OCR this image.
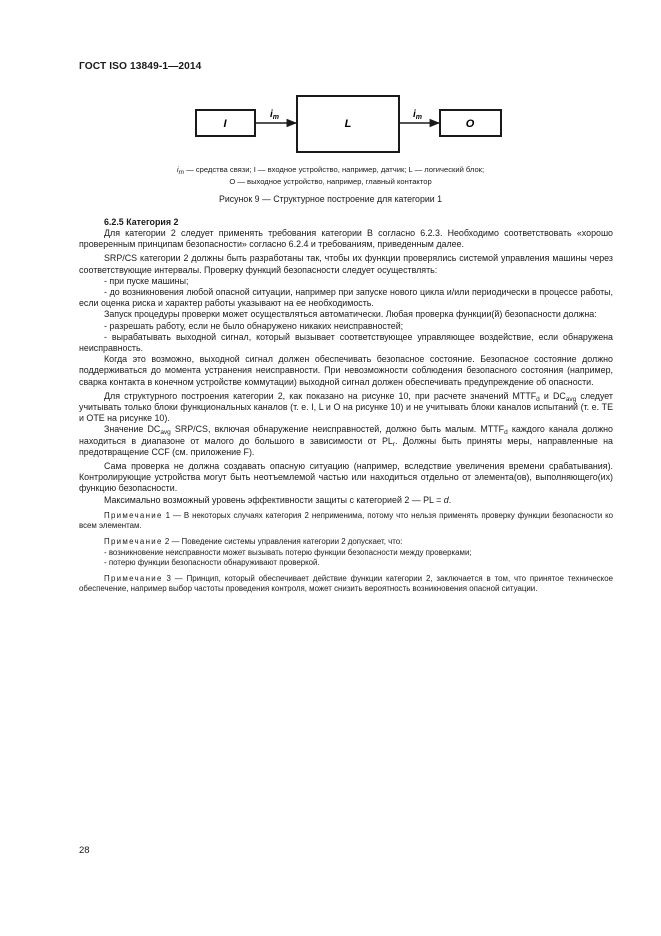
ГОСТ ISO 13849-1—2014
I	L	O
$i_m$	$i_m$
$i_m$ — средства связи; I — входное устройство, например, датчик; L — логический блок;
O — выходное устройство, например, главный контактор
Рисунок 9 — Структурное построение для категории 1
6.2.5 Категория 2

Для категории 2 следует применять требования категории В согласно 6.2.3. Необходимо соответствовать «хорошо проверенным принципам безопасности» согласно 6.2.4 и требованиям, приведенным далее.

SRP/CS категории 2 должны быть разработаны так, чтобы их функции проверялись системой управления машины через соответствующие интервалы. Проверку функций безопасности следует осуществлять:

- при пуске машины;

- до возникновения любой опасной ситуации, например при запуске нового цикла и/или периодически в процессе работы, если оценка риска и характер работы указывают на ее необходимость.

Запуск процедуры проверки может осуществляться автоматически. Любая проверка функции(й) безопасности должна:

- разрешать работу, если не было обнаружено никаких неисправностей;

- вырабатывать выходной сигнал, который вызывает соответствующее управляющее воздействие, если обнаружена неисправность.

Когда это возможно, выходной сигнал должен обеспечивать безопасное состояние. Безопасное состояние должно поддерживаться до момента устранения неисправности. При невозможности соблюдения безопасного состояния (например, сварка контакта в конечном устройстве коммутации) выходной сигнал должен обеспечивать предупреждение об опасности.

Для структурного построения категории 2, как показано на рисунке 10, при расчете значений $MTTF_d$ и $DC_{avg}$ следует учитывать только блоки функциональных каналов (т. е. I, L и O на рисунке 10) и не учитывать блоки каналов испытаний (т. е. TE и OTE на рисунке 10).

Значение $DC_{avg}$ SRP/CS, включая обнаружение неисправностей, должно быть малым. $MTTF_d$ каждого канала должно находиться в диапазоне от малого до большого в зависимости от $PL_r$. Должны быть приняты меры, направленные на предотвращение CCF (см. приложение F).

Сама проверка не должна создавать опасную ситуацию (например, вследствие увеличения времени срабатывания). Контролирующие устройства могут быть неотъемлемой частью или находиться отдельно от элемента(ов), выполняющего(их) функцию безопасности.

Максимально возможный уровень эффективности защиты с категорией 2 — PL = d.

Примечание 1 — В некоторых случаях категория 2 неприменима, потому что нельзя применять проверку функции безопасности ко всем элементам.

Примечание 2 — Поведение системы управления категории 2 допускает, что:

- возникновение неисправности может вызывать потерю функции безопасности между проверками;

- потерю функции безопасности обнаруживают проверкой.

Примечание 3 — Принцип, который обеспечивает действие функции категории 2, заключается в том, что принятое техническое обеспечение, например выбор частоты проведения контроля, может снизить вероятность возникновения опасной ситуации.

28
